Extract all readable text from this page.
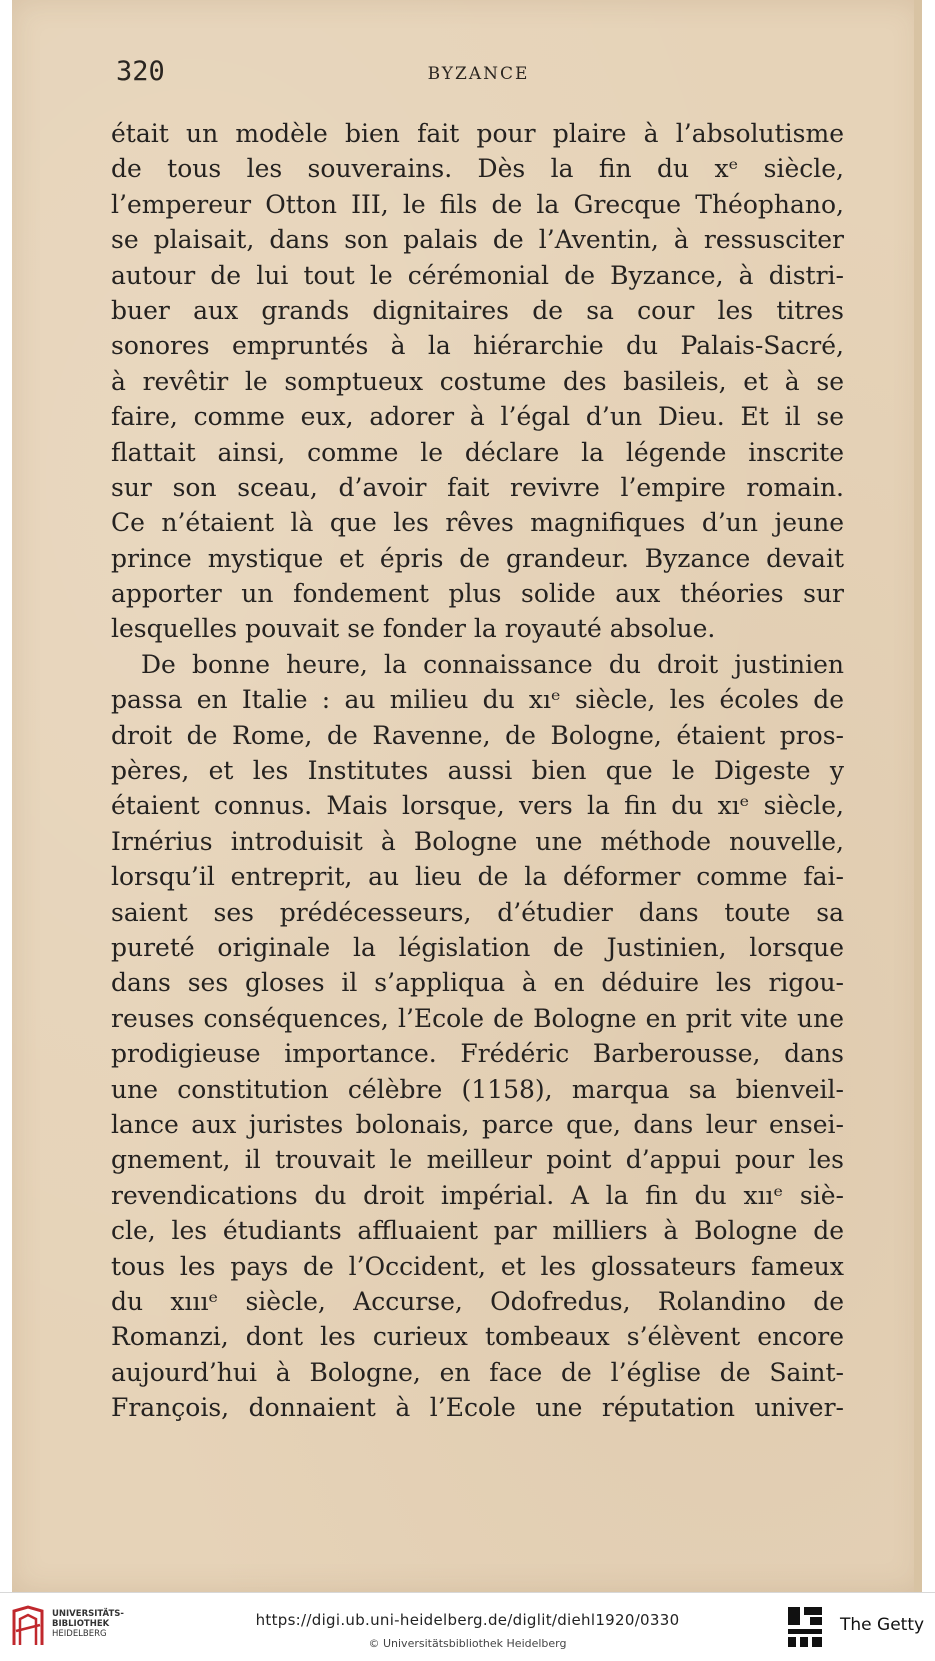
320	BYZANCE
était un modèle bien fait pour plaire à l’absolutisme
de tous les souverains. Dès la fin du xᵉ siècle,
l’empereur Otton III, le fils de la Grecque Théophano,
se plaisait, dans son palais de l’Aventin, à ressusciter
autour de lui tout le cérémonial de Byzance, à distri-
buer aux grands dignitaires de sa cour les titres
sonores empruntés à la hiérarchie du Palais-Sacré,
à revêtir le somptueux costume des basileis, et à se
faire, comme eux, adorer à l’égal d’un Dieu. Et il se
flattait ainsi, comme le déclare la légende inscrite
sur son sceau, d’avoir fait revivre l’empire romain.
Ce n’étaient là que les rêves magnifiques d’un jeune
prince mystique et épris de grandeur. Byzance devait
apporter un fondement plus solide aux théories sur
lesquelles pouvait se fonder la royauté absolue.
De bonne heure, la connaissance du droit justinien
passa en Italie : au milieu du xıᵉ siècle, les écoles de
droit de Rome, de Ravenne, de Bologne, étaient pros-
pères, et les Institutes aussi bien que le Digeste y
étaient connus. Mais lorsque, vers la fin du xıᵉ siècle,
Irnérius introduisit à Bologne une méthode nouvelle,
lorsqu’il entreprit, au lieu de la déformer comme fai-
saient ses prédécesseurs, d’étudier dans toute sa
pureté originale la législation de Justinien, lorsque
dans ses gloses il s’appliqua à en déduire les rigou-
reuses conséquences, l’Ecole de Bologne en prit vite une
prodigieuse importance. Frédéric Barberousse, dans
une constitution célèbre (1158), marqua sa bienveil-
lance aux juristes bolonais, parce que, dans leur ensei-
gnement, il trouvait le meilleur point d’appui pour les
revendications du droit impérial. A la fin du xııᵉ siè-
cle, les étudiants affluaient par milliers à Bologne de
tous les pays de l’Occident, et les glossateurs fameux
du xıııᵉ siècle, Accurse, Odofredus, Rolandino de
Romanzi, dont les curieux tombeaux s’élèvent encore
aujourd’hui à Bologne, en face de l’église de Saint-
François, donnaient à l’Ecole une réputation univer-
UNIVERSITÄTS-
BIBLIOTHEK
HEIDELBERG
https://digi.ub.uni-heidelberg.de/diglit/diehl1920/0330
© Universitätsbibliothek Heidelberg
The Getty
